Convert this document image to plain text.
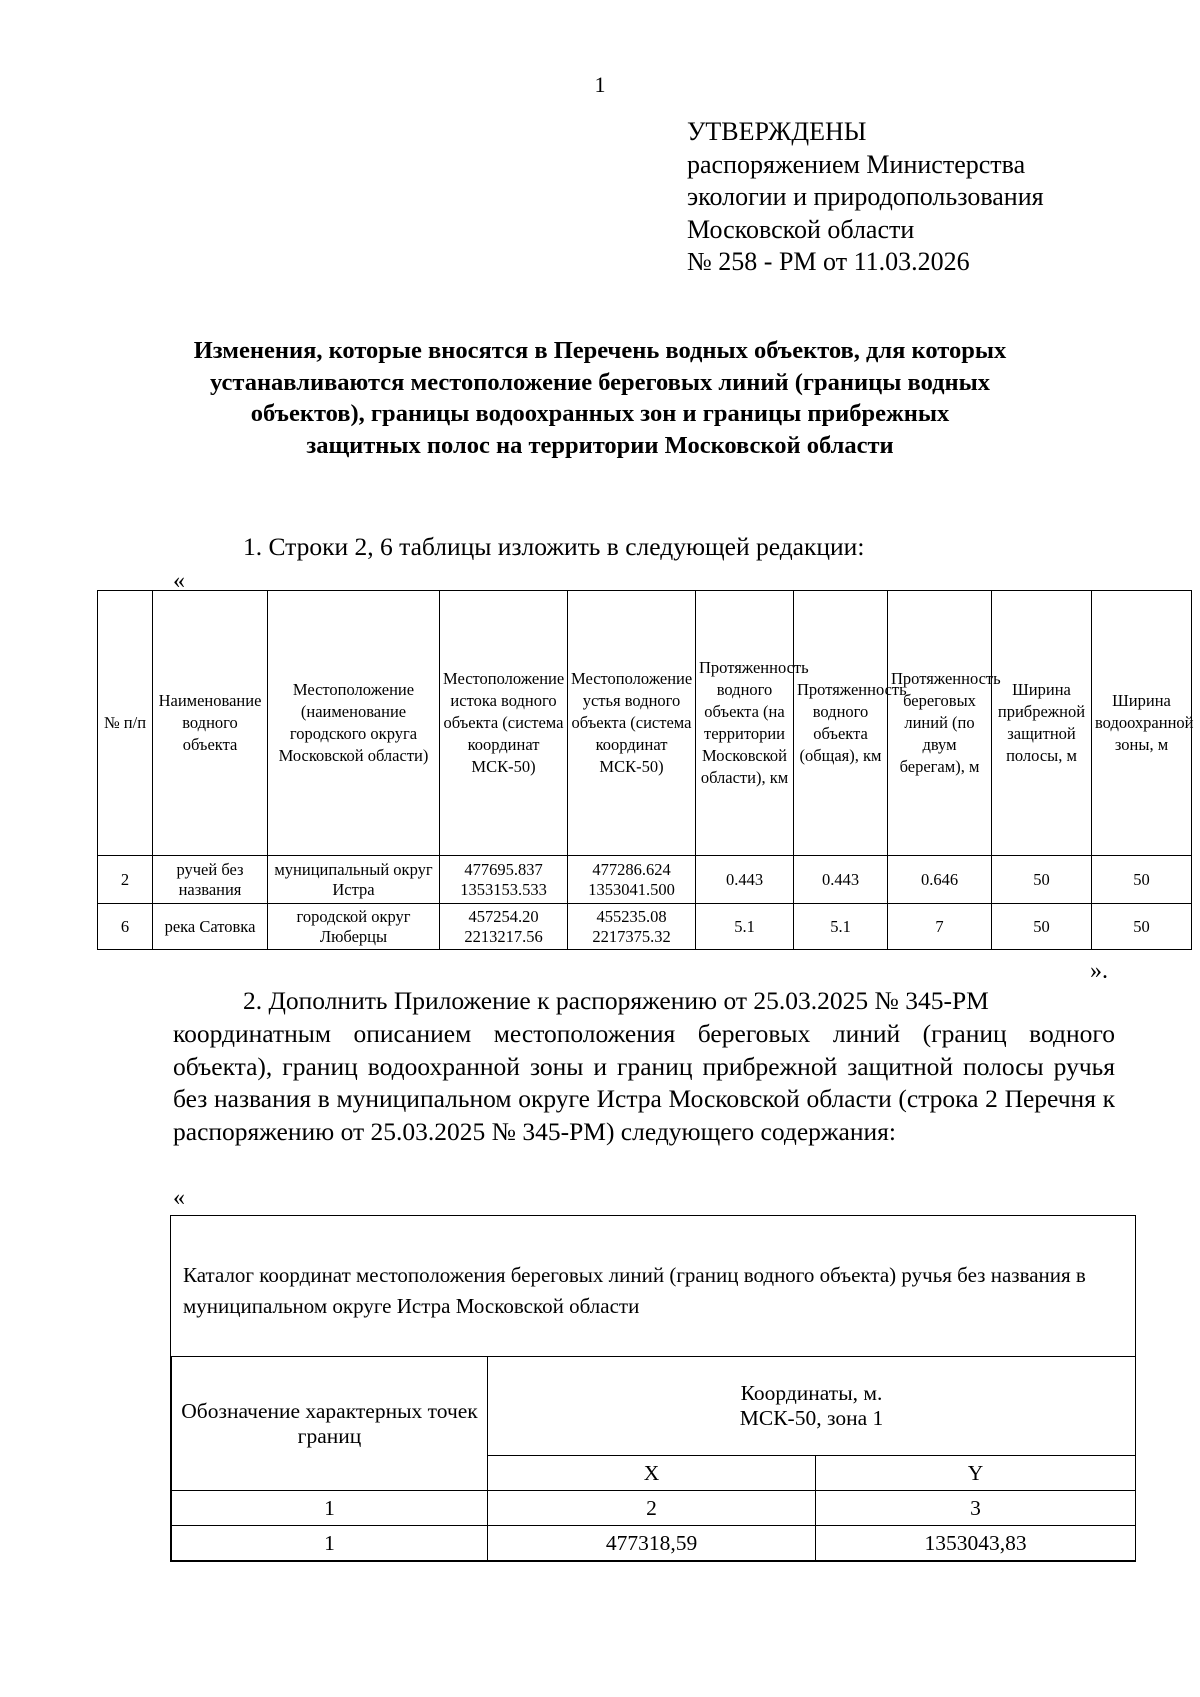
1
УТВЕРЖДЕНЫ
распоряжением Министерства
экологии и природопользования
Московской области
№ 258 - РМ от 11.03.2026
Изменения, которые вносятся в Перечень водных объектов, для которых
устанавливаются местоположение береговых линий (границы водных
объектов), границы водоохранных зон и границы прибрежных
защитных полос на территории Московской области
1. Строки 2, 6 таблицы изложить в следующей редакции:
«
№ п/п	Наименование водного объекта	Местоположение (наименование городского округа Московской области)	Местоположение истока водного объекта (система координат МСК-50)	Местоположение устья водного объекта (система координат МСК-50)	Протяженность водного объекта (на территории Московской области), км	Протяженность водного объекта (общая), км	Протяженность береговых линий (по двум берегам), м	Ширина прибрежной защитной полосы, м	Ширина водоохранной зоны, м
2	ручей без названия	муниципальный округ Истра	477695.837 1353153.533	477286.624 1353041.500	0.443	0.443	0.646	50	50
6	река Сатовка	городской округ Люберцы	457254.20 2213217.56	455235.08 2217375.32	5.1	5.1	7	50	50
».
2. Дополнить Приложение к распоряжению от 25.03.2025 № 345-РМ
координатным описанием местоположения береговых линий (границ водного объекта), границ водоохранной зоны и границ прибрежной защитной полосы ручья без названия в муниципальном округе Истра Московской области (строка 2 Перечня к распоряжению от 25.03.2025 № 345-РМ) следующего содержания:
«
Каталог координат местоположения береговых линий (границ водного объекта) ручья без названия в муниципальном округе Истра Московской области
Обозначение характерных точек границ	Координаты, м.
МСК-50, зона 1	

	X	Y
1	2	3
1	477318,59	1353043,83
